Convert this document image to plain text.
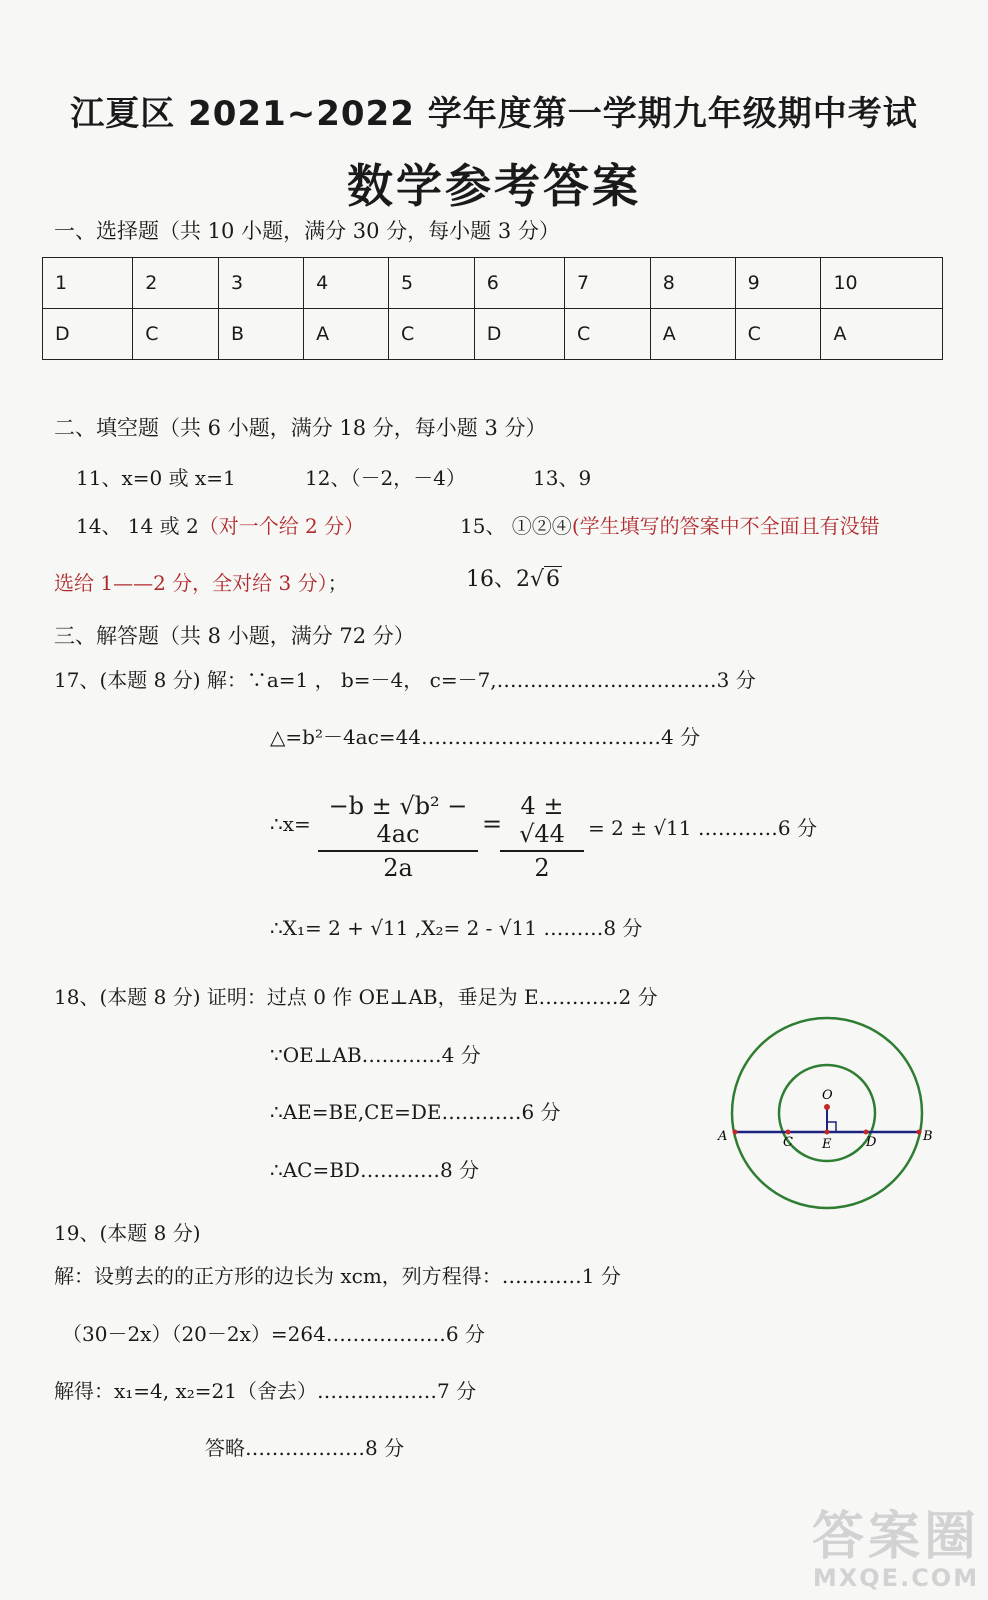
江夏区 2021~2022 学年度第一学期九年级期中考试
数学参考答案
一、选择题（共 10 小题，满分 30 分，每小题 3 分）
1	2	3	4	5	6	7	8	9	10
D	C	B	A	C	D	C	A	C	A
二、填空题（共 6 小题，满分 18 分，每小题 3 分）
11、x=0 或 x=1	12、（－2，－4）	13、9
14、 14 或 2（对一个给 2 分）	15、 ①②④(学生填写的答案中不全面且有没错
选给 1——2 分，全对给 3 分）；	16、2√6
三、解答题（共 8 小题，满分 72 分）
17、(本题 8 分) 解：∵a=1 ， b=－4， c=－7,……………………………3 分
△=b²－4ac=44………………………………4 分
∴x=
−b ± √b² − 4ac
2a
=
4 ± √44
2
= 2 ± √11 …………6 分
∴X₁= 2 + √11 ,X₂= 2 - √11 ………8 分
18、(本题 8 分) 证明：过点 0 作 OE⊥AB，垂足为 E…………2 分
∵OE⊥AB…………4 分
∴AE=BE,CE=DE…………6 分
∴AC=BD…………8 分
O
A	B
C	D
E
19、(本题 8 分)
解：设剪去的的正方形的边长为 xcm，列方程得：…………1 分
（30－2x）（20－2x）=264………………6 分
解得：x₁=4, x₂=21（舍去）………………7 分
答略………………8 分
答案圈
MXQE.COM
